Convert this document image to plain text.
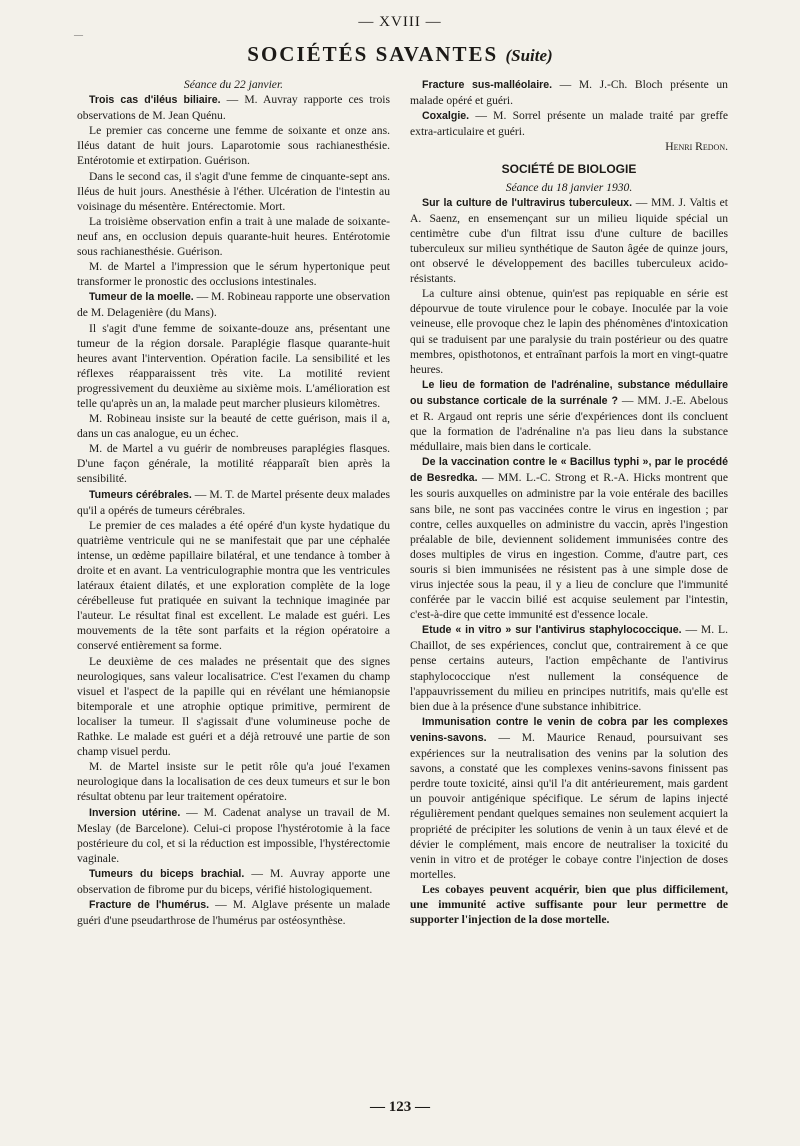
—
— XVIII —
SOCIÉTÉS SAVANTES (Suite)

Séance du 22 janvier.

Trois cas d'iléus biliaire. — M. Auvray rapporte ces trois observations de M. Jean Quénu.

Le premier cas concerne une femme de soixante et onze ans. Iléus datant de huit jours. Laparotomie sous rachianesthésie. Entérotomie et extirpation. Guérison.

Dans le second cas, il s'agit d'une femme de cinquante-sept ans. Iléus de huit jours. Anesthésie à l'éther. Ulcération de l'intestin au voisinage du mésentère. Entérectomie. Mort.

La troisième observation enfin a trait à une malade de soixante-neuf ans, en occlusion depuis quarante-huit heures. Entérotomie sous rachianesthésie. Guérison.

M. de Martel a l'impression que le sérum hypertonique peut transformer le pronostic des occlusions intestinales.

Tumeur de la moelle. — M. Robineau rapporte une observation de M. Delagenière (du Mans).

Il s'agit d'une femme de soixante-douze ans, présentant une tumeur de la région dorsale. Paraplégie flasque quarante-huit heures avant l'intervention. Opération facile. La sensibilité et les réflexes réapparaissent très vite. La motilité revient progressivement du deuxième au sixième mois. L'amélioration est telle qu'après un an, la malade peut marcher plusieurs kilomètres.

M. Robineau insiste sur la beauté de cette guérison, mais il a, dans un cas analogue, eu un échec.

M. de Martel a vu guérir de nombreuses paraplégies flasques. D'une façon générale, la motilité réapparaît bien après la sensibilité.

Tumeurs cérébrales. — M. T. de Martel présente deux malades qu'il a opérés de tumeurs cérébrales.

Le premier de ces malades a été opéré d'un kyste hydatique du quatrième ventricule qui ne se manifestait que par une céphalée intense, un œdème papillaire bilatéral, et une tendance à tomber à droite et en avant. La ventriculographie montra que les ventricules latéraux étaient dilatés, et une exploration complète de la loge cérébelleuse fut pratiquée en suivant la technique imaginée par l'auteur. Le résultat final est excellent. Le malade est guéri. Les mouvements de la tête sont parfaits et la région opératoire a conservé entièrement sa forme.

Le deuxième de ces malades ne présentait que des signes neurologiques, sans valeur localisatrice. C'est l'examen du champ visuel et l'aspect de la papille qui en révélant une hémianopsie bitemporale et une atrophie optique primitive, permirent de localiser la tumeur. Il s'agissait d'une volumineuse poche de Rathke. Le malade est guéri et a déjà retrouvé une partie de son champ visuel perdu.

M. de Martel insiste sur le petit rôle qu'a joué l'examen neurologique dans la localisation de ces deux tumeurs et sur le bon résultat obtenu par leur traitement opératoire.

Inversion utérine. — M. Cadenat analyse un travail de M. Meslay (de Barcelone). Celui-ci propose l'hystérotomie à la face postérieure du col, et si la réduction est impossible, l'hystérectomie vaginale.

Tumeurs du biceps brachial. — M. Auvray apporte une observation de fibrome pur du biceps, vérifié histologiquement.

Fracture de l'humérus. — M. Alglave présente un malade guéri d'une pseudarthrose de l'humérus par ostéosynthèse.

Fracture sus-malléolaire. — M. J.-Ch. Bloch présente un malade opéré et guéri.

Coxalgie. — M. Sorrel présente un malade traité par greffe extra-articulaire et guéri.

Henri Redon.

SOCIÉTÉ DE BIOLOGIE

Séance du 18 janvier 1930.

Sur la culture de l'ultravirus tuberculeux. — MM. J. Valtis et A. Saenz, en ensemençant sur un milieu liquide spécial un centimètre cube d'un filtrat issu d'une culture de bacilles tuberculeux sur milieu synthétique de Sauton âgée de quinze jours, ont observé le développement des bacilles tuberculeux acido-résistants.

La culture ainsi obtenue, quin'est pas repiquable en série est dépourvue de toute virulence pour le cobaye. Inoculée par la voie veineuse, elle provoque chez le lapin des phénomènes d'intoxication qui se traduisent par une paralysie du train postérieur ou des quatre membres, opisthotonos, et entraînant parfois la mort en vingt-quatre heures.

Le lieu de formation de l'adrénaline, substance médullaire ou substance corticale de la surrénale ? — MM. J.-E. Abelous et R. Argaud ont repris une série d'expériences dont ils concluent que la formation de l'adrénaline n'a pas lieu dans la substance médullaire, mais bien dans le corticale.

De la vaccination contre le « Bacillus typhi », par le procédé de Besredka. — MM. L.-C. Strong et R.-A. Hicks montrent que les souris auxquelles on administre par la voie entérale des bacilles sans bile, ne sont pas vaccinées contre le virus en ingestion ; par contre, celles auxquelles on administre du vaccin, après l'ingestion préalable de bile, deviennent solidement immunisées contre des doses multiples de virus en ingestion. Comme, d'autre part, ces souris si bien immunisées ne résistent pas à une simple dose de virus injectée sous la peau, il y a lieu de conclure que l'immunité conférée par le vaccin bilié est acquise seulement par l'intestin, c'est-à-dire que cette immunité est d'essence locale.

Etude « in vitro » sur l'antivirus staphylococcique. — M. L. Chaillot, de ses expériences, conclut que, contrairement à ce que pense certains auteurs, l'action empêchante de l'antivirus staphylococcique n'est nullement la conséquence de l'appauvrissement du milieu en principes nutritifs, mais qu'elle est bien due à la présence d'une substance inhibitrice.

Immunisation contre le venin de cobra par les complexes venins-savons. — M. Maurice Renaud, poursuivant ses expériences sur la neutralisation des venins par la solution des savons, a constaté que les complexes venins-savons finissent pas perdre toute toxicité, ainsi qu'il l'a dit antérieurement, mais gardent un pouvoir antigénique spécifique. Le sérum de lapins injecté régulièrement pendant quelques semaines non seulement acquiert la propriété de précipiter les solutions de venin à un taux élevé et de dévier le complément, mais encore de neutraliser la toxicité du venin in vitro et de protéger le cobaye contre l'injection de doses mortelles.

Les cobayes peuvent acquérir, bien que plus difficilement, une immunité active suffisante pour leur permettre de supporter l'injection de la dose mortelle.

— 123 —
